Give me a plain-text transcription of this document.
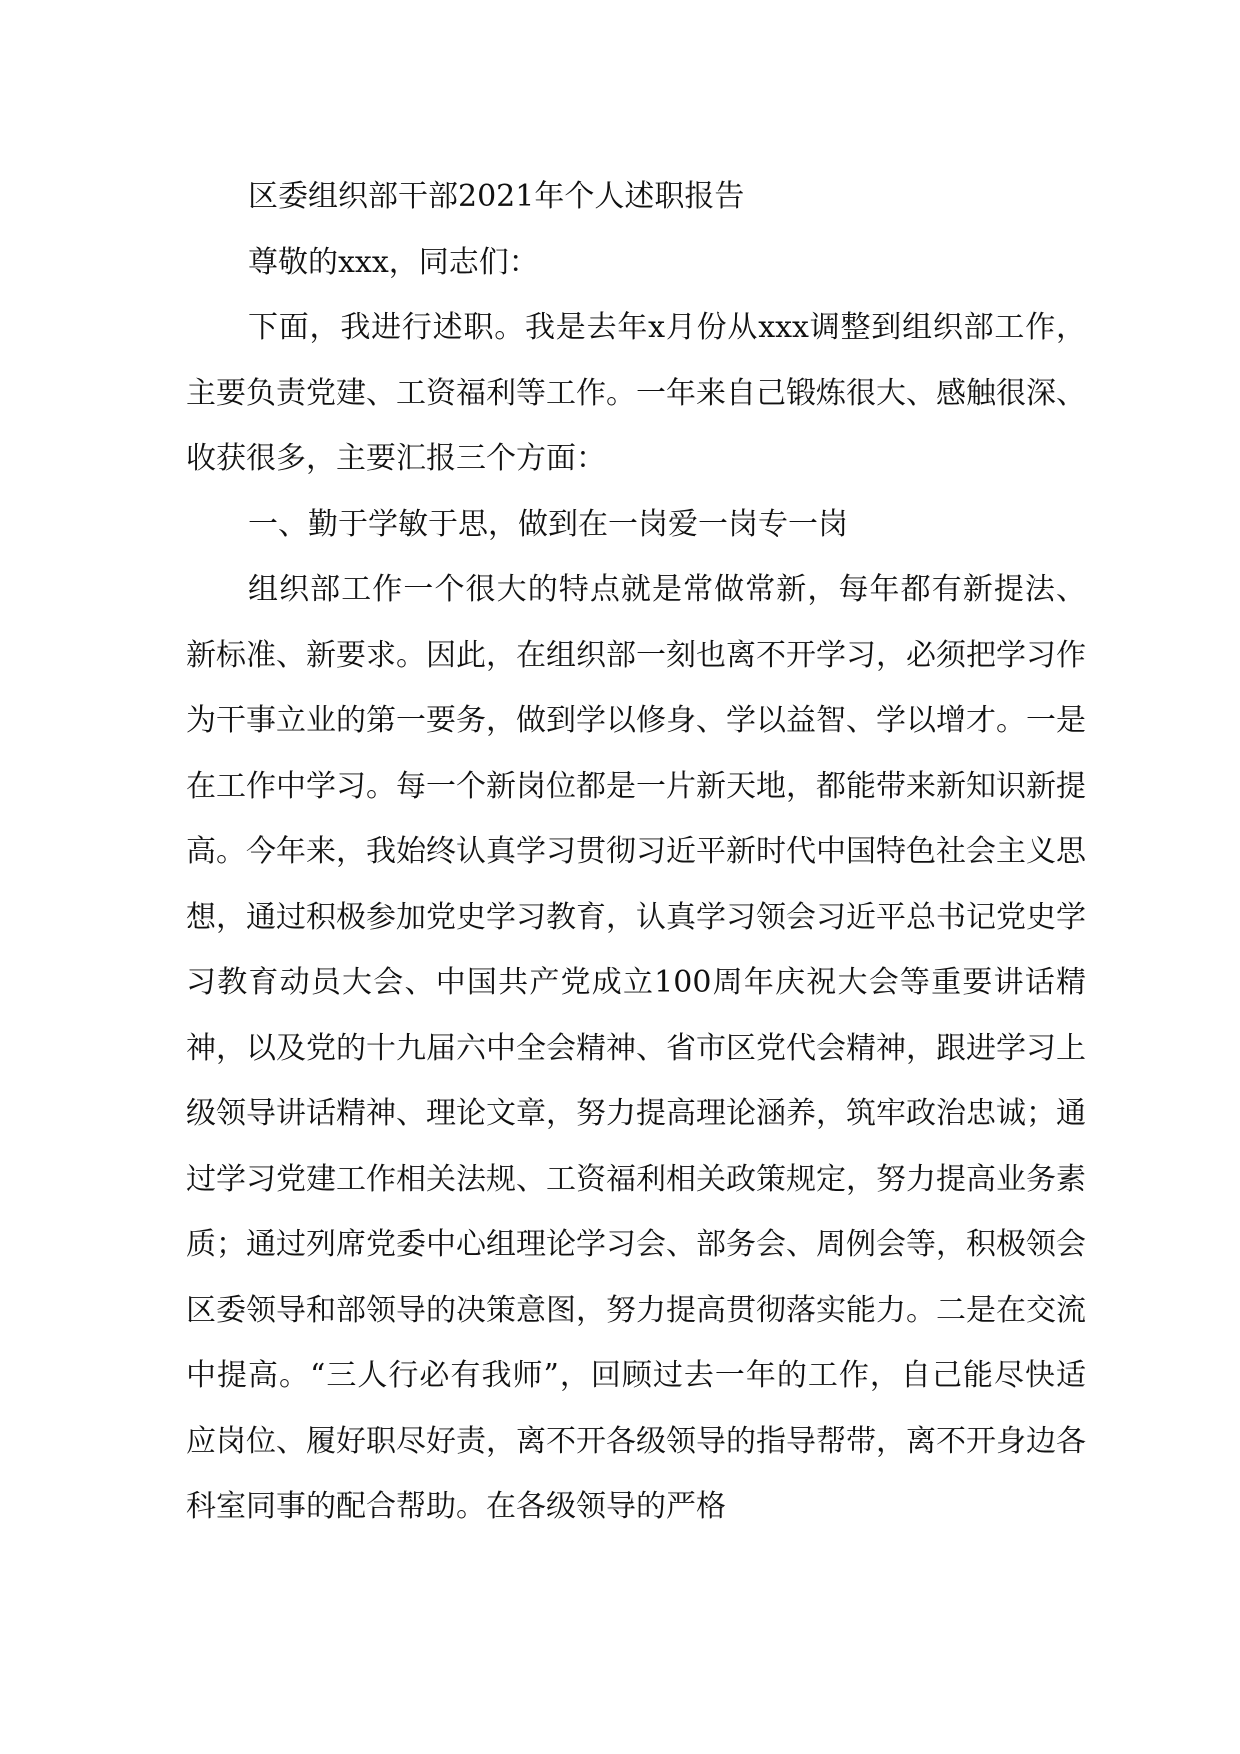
区委组织部干部2021年个人述职报告

尊敬的xxx，同志们：

下面，我进行述职。我是去年x月份从xxx调整到组织部工作，主要负责党建、工资福利等工作。一年来自己锻炼很大、感触很深、收获很多，主要汇报三个方面：

一、勤于学敏于思，做到在一岗爱一岗专一岗

组织部工作一个很大的特点就是常做常新，每年都有新提法、新标准、新要求。因此，在组织部一刻也离不开学习，必须把学习作为干事立业的第一要务，做到学以修身、学以益智、学以增才。一是在工作中学习。每一个新岗位都是一片新天地，都能带来新知识新提高。今年来，我始终认真学习贯彻习近平新时代中国特色社会主义思想，通过积极参加党史学习教育，认真学习领会习近平总书记党史学习教育动员大会、中国共产党成立100周年庆祝大会等重要讲话精神，以及党的十九届六中全会精神、省市区党代会精神，跟进学习上级领导讲话精神、理论文章，努力提高理论涵养，筑牢政治忠诚；通过学习党建工作相关法规、工资福利相关政策规定，努力提高业务素质；通过列席党委中心组理论学习会、部务会、周例会等，积极领会区委领导和部领导的决策意图，努力提高贯彻落实能力。二是在交流中提高。“三人行必有我师”，回顾过去一年的工作，自己能尽快适应岗位、履好职尽好责，离不开各级领导的指导帮带，离不开身边各科室同事的配合帮助。在各级领导的严格
